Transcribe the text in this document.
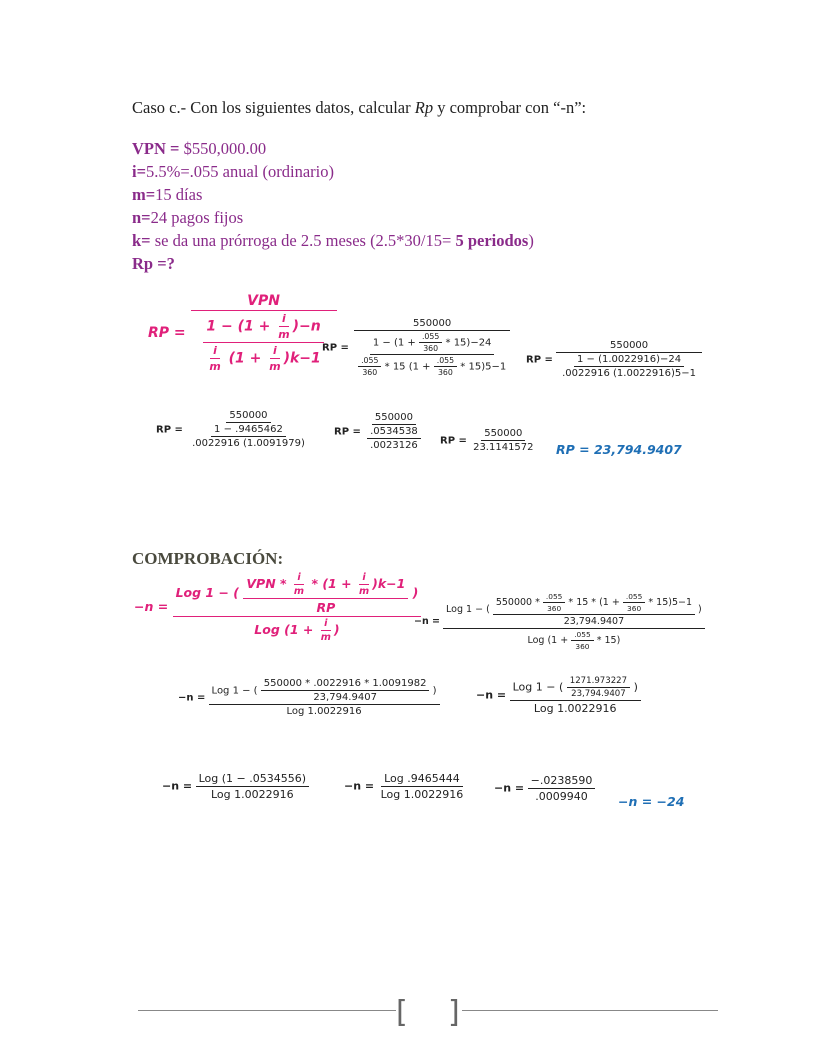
Caso c.- Con los siguientes datos, calcular Rp y comprobar con “-n”:
VPN = $550,000.00
i=5.5%=.055 anual (ordinario)
m=15 días
n=24 pagos fijos
k= se da una prórroga de 2.5 meses (2.5*30/15= 5 periodos)
Rp =?
RP =
VPN
$\frac{1 - (1 + \frac{i}{m} )-n}{\frac{i}{m} (1 + \frac{i}{m} )k-1}$
RP =
550000
$1 - (1 + \frac{.055}{360} * 15)-24$
$\frac{.055}{360} * 15$ $(1 + \frac{.055}{360} * 15)5-1$
RP = $\frac{550000}{\frac{1 - (1.0022916)-24}{.0022916 (1.0022916)5-1}}$
RP = $\frac{550000}{\frac{1 - .9465462}{.0022916 (1.0091979)}}$ RP = $\frac{550000}{\frac{.0534538}{.0023126}}$ RP = $\frac{550000}{23.1141572}$ RP = 23,794.9407
COMPROBACIÓN:
−n =
Log 1 − ( $\frac{VPN * \frac{i}{m} * (1 + \frac{i}{m} )k-1}{RP}$ )
Log ($1 + \frac{i}{m}$ )
−n =
Log 1 − (
$550000 * \frac{.055}{360} * 15 * (1 + \frac{.055}{360} * 15)5-1$
23,794.9407
)
Log $(1 + \frac{.055}{360} * 15)$
−n =
Log 1 − ( $\frac{550000 * .0022916 * 1.0091982}{23,794.9407}$ )
Log 1.0022916
−n =
Log 1 − ( $\frac{1271.973227}{23,794.9407}$ )
Log 1.0022916
$-n = \frac{\text{Log (1 − .0534556)}}{\text{Log 1.0022916}}$	$-n = \frac{\text{Log .9465444}}{\text{Log 1.0022916}}$	$-n = \frac{-.0238590}{.0009940} -n = -24$
[ ]
